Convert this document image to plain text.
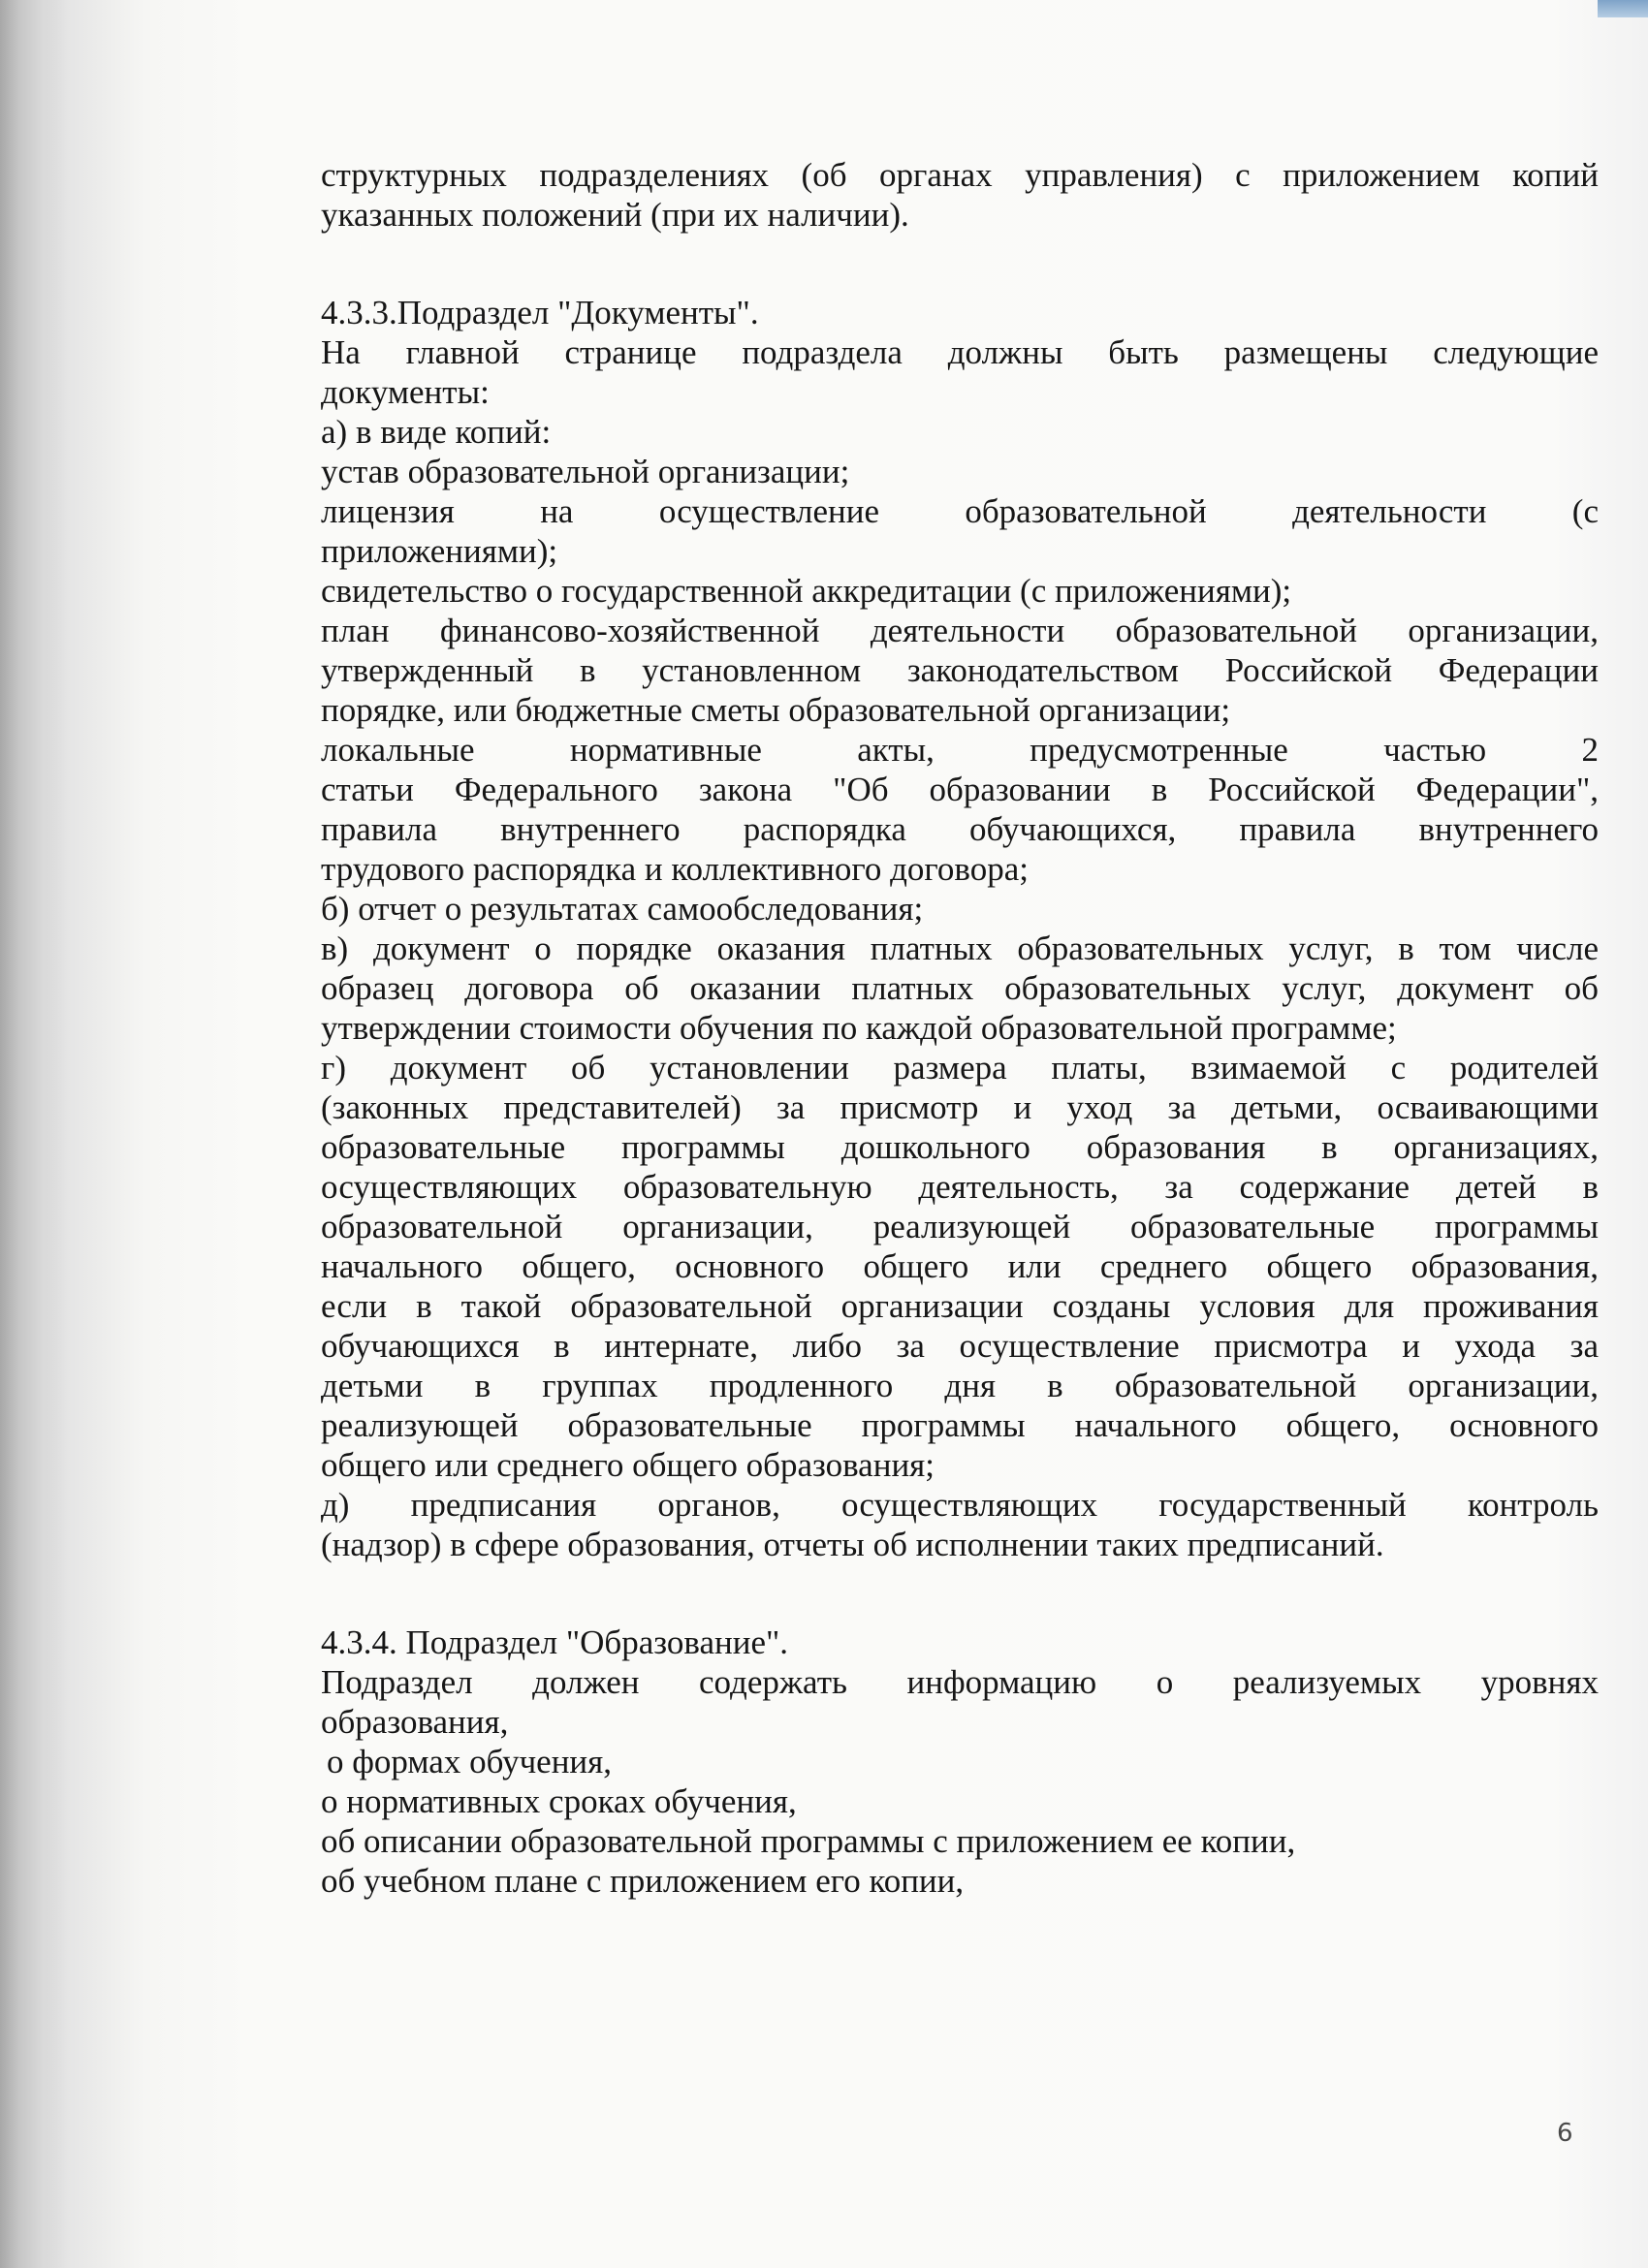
структурных подразделениях (об органах управления) с приложением копий
указанных положений (при их наличии).
4.3.3.Подраздел "Документы".
На главной странице подраздела должны быть размещены следующие
документы:
а) в виде копий:
устав образовательной организации;
лицензия на осуществление образовательной деятельности (с
приложениями);
свидетельство о государственной аккредитации (с приложениями);
план финансово-хозяйственной деятельности образовательной организации,
утвержденный в установленном законодательством Российской Федерации
порядке, или бюджетные сметы образовательной организации;
локальные нормативные акты, предусмотренные частью 2
статьи Федерального закона "Об образовании в Российской Федерации",
правила внутреннего распорядка обучающихся, правила внутреннего
трудового распорядка и коллективного договора;
б) отчет о результатах самообследования;
в) документ о порядке оказания платных образовательных услуг, в том числе
образец договора об оказании платных образовательных услуг, документ об
утверждении стоимости обучения по каждой образовательной программе;
г) документ об установлении размера платы, взимаемой с родителей
(законных представителей) за присмотр и уход за детьми, осваивающими
образовательные программы дошкольного образования в организациях,
осуществляющих образовательную деятельность, за содержание детей в
образовательной организации, реализующей образовательные программы
начального общего, основного общего или среднего общего образования,
если в такой образовательной организации созданы условия для проживания
обучающихся в интернате, либо за осуществление присмотра и ухода за
детьми в группах продленного дня в образовательной организации,
реализующей образовательные программы начального общего, основного
общего или среднего общего образования;
д) предписания органов, осуществляющих государственный контроль
(надзор) в сфере образования, отчеты об исполнении таких предписаний.
4.3.4. Подраздел "Образование".
Подраздел должен содержать информацию о реализуемых уровнях
образования,
о формах обучения,
о нормативных сроках обучения,
об описании образовательной программы с приложением ее копии,
об учебном плане с приложением его копии,
6
